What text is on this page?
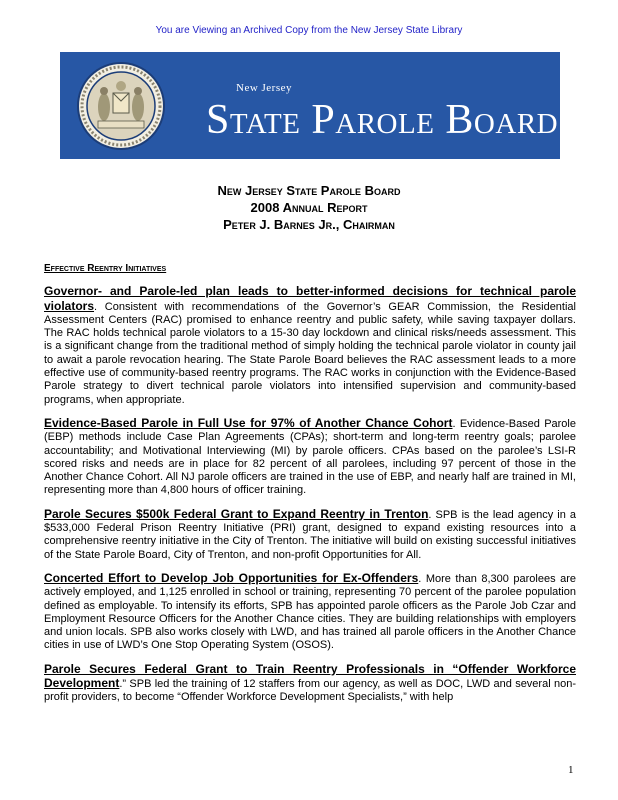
You are Viewing an Archived Copy from the New Jersey State Library
New Jersey
State Parole Board
New Jersey State Parole Board
2008 Annual Report
Peter J. Barnes Jr., Chairman
Effective Reentry Initiatives

Governor- and Parole-led plan leads to better-informed decisions for technical parole violators. Consistent with recommendations of the Governor’s GEAR Commission, the Residential Assessment Centers (RAC) promised to enhance reentry and public safety, while saving taxpayer dollars. The RAC holds technical parole violators to a 15-30 day lockdown and clinical risks/needs assessment. This is a significant change from the traditional method of simply holding the technical parole violator in county jail to await a parole revocation hearing. The State Parole Board believes the RAC assessment leads to a more effective use of community-based reentry programs. The RAC works in conjunction with the Evidence-Based Parole strategy to divert technical parole violators into intensified supervision and community-based programs, when appropriate.

Evidence-Based Parole in Full Use for 97% of Another Chance Cohort. Evidence-Based Parole (EBP) methods include Case Plan Agreements (CPAs); short-term and long-term reentry goals; parolee accountability; and Motivational Interviewing (MI) by parole officers. CPAs based on the parolee’s LSI-R scored risks and needs are in place for 82 percent of all parolees, including 97 percent of those in the Another Chance Cohort. All NJ parole officers are trained in the use of EBP, and nearly half are trained in MI, representing more than 4,800 hours of officer training.

Parole Secures $500k Federal Grant to Expand Reentry in Trenton. SPB is the lead agency in a $533,000 Federal Prison Reentry Initiative (PRI) grant, designed to expand existing resources into a comprehensive reentry initiative in the City of Trenton. The initiative will build on existing successful initiatives of the State Parole Board, City of Trenton, and non-profit Opportunities for All.

Concerted Effort to Develop Job Opportunities for Ex-Offenders. More than 8,300 parolees are actively employed, and 1,125 enrolled in school or training, representing 70 percent of the parolee population defined as employable. To intensify its efforts, SPB has appointed parole officers as the Parole Job Czar and Employment Resource Officers for the Another Chance cities. They are building relationships with employers and union locals. SPB also works closely with LWD, and has trained all parole officers in the Another Chance cities in use of LWD’s One Stop Operating System (OSOS).

Parole Secures Federal Grant to Train Reentry Professionals in “Offender Workforce Development.” SPB led the training of 12 staffers from our agency, as well as DOC, LWD and several non-profit providers, to become “Offender Workforce Development Specialists,” with help

1
